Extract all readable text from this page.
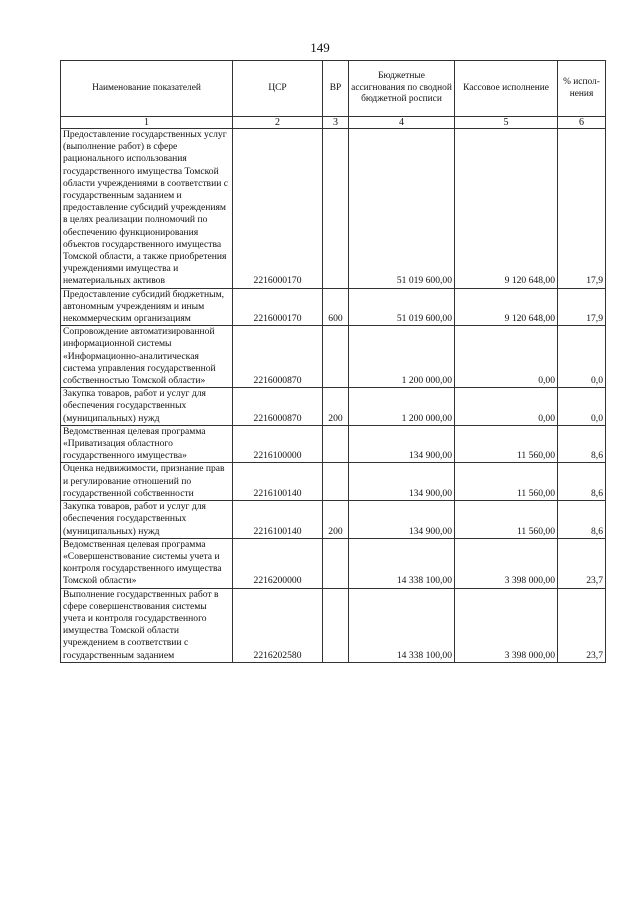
149
Наименование показателей	ЦСР	ВР	Бюджетные ассигнования по сводной бюджетной росписи	Кассовое исполнение	% испол-нения
1	2	3	4	5	6
Предоставление государственных услуг (выполнение работ) в сфере рационального использования государственного имущества Томской области учреждениями в соответствии с государственным заданием и предоставление субсидий учреждениям в целях реализации полномочий по обеспечению функционирования объектов государственного имущества Томской области, а также приобретения учреждениями имущества и нематериальных активов	2216000170		51 019 600,00	9 120 648,00	17,9
Предоставление субсидий бюджетным, автономным учреждениям и иным некоммерческим организациям	2216000170	600	51 019 600,00	9 120 648,00	17,9
Сопровождение автоматизированной информационной системы «Информационно-аналитическая система управления государственной собственностью Томской области»	2216000870		1 200 000,00	0,00	0,0
Закупка товаров, работ и услуг для обеспечения государственных (муниципальных) нужд	2216000870	200	1 200 000,00	0,00	0,0
Ведомственная целевая программа «Приватизация областного государственного имущества»	2216100000		134 900,00	11 560,00	8,6
Оценка недвижимости, признание прав и регулирование отношений по государственной собственности	2216100140		134 900,00	11 560,00	8,6
Закупка товаров, работ и услуг для обеспечения государственных (муниципальных) нужд	2216100140	200	134 900,00	11 560,00	8,6
Ведомственная целевая программа «Совершенствование системы учета и контроля государственного имущества Томской области»	2216200000		14 338 100,00	3 398 000,00	23,7
Выполнение государственных работ в сфере совершенствования системы учета и контроля государственного имущества Томской области учреждением в соответствии с государственным заданием	2216202580		14 338 100,00	3 398 000,00	23,7
